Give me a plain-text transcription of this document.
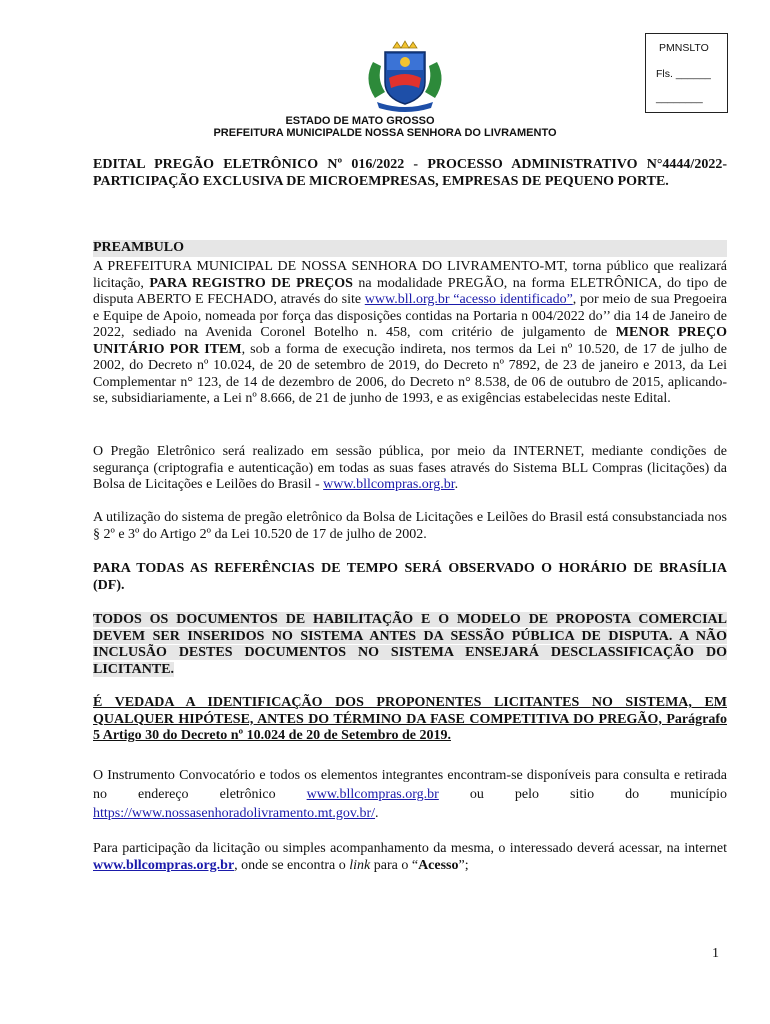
PMNSLTO
Fls. ______
________
ESTADO DE MATO GROSSO
PREFEITURA MUNICIPALDE NOSSA SENHORA DO LIVRAMENTO
EDITAL PREGÃO ELETRÔNICO Nº 016/2022 - PROCESSO ADMINISTRATIVO N°4444/2022- PARTICIPAÇÃO EXCLUSIVA DE MICROEMPRESAS, EMPRESAS DE PEQUENO PORTE.
PREAMBULO
A PREFEITURA MUNICIPAL DE NOSSA SENHORA DO LIVRAMENTO-MT, torna público que realizará licitação, PARA REGISTRO DE PREÇOS na modalidade PREGÃO, na forma ELETRÔNICA, do tipo de disputa ABERTO E FECHADO, através do site www.bll.org.br “acesso identificado”, por meio de sua Pregoeira e Equipe de Apoio, nomeada por força das disposições contidas na Portaria n 004/2022 do’’ dia 14 de Janeiro de 2022, sediado na Avenida Coronel Botelho n. 458, com critério de julgamento de MENOR PREÇO UNITÁRIO POR ITEM, sob a forma de execução indireta, nos termos da Lei nº 10.520, de 17 de julho de 2002, do Decreto nº 10.024, de 20 de setembro de 2019, do Decreto nº 7892, de 23 de janeiro e 2013, da Lei Complementar n° 123, de 14 de dezembro de 2006, do Decreto n° 8.538, de 06 de outubro de 2015, aplicando-se, subsidiariamente, a Lei nº 8.666, de 21 de junho de 1993, e as exigências estabelecidas neste Edital.
O Pregão Eletrônico será realizado em sessão pública, por meio da INTERNET, mediante condições de segurança (criptografia e autenticação) em todas as suas fases através do Sistema BLL Compras (licitações) da Bolsa de Licitações e Leilões do Brasil - www.bllcompras.org.br.
A utilização do sistema de pregão eletrônico da Bolsa de Licitações e Leilões do Brasil está consubstanciada nos § 2º e 3º do Artigo 2º da Lei 10.520 de 17 de julho de 2002.
PARA TODAS AS REFERÊNCIAS DE TEMPO SERÁ OBSERVADO O HORÁRIO DE BRASÍLIA (DF).
TODOS OS DOCUMENTOS DE HABILITAÇÃO E O MODELO DE PROPOSTA COMERCIAL DEVEM SER INSERIDOS NO SISTEMA ANTES DA SESSÃO PÚBLICA DE DISPUTA. A NÃO INCLUSÃO DESTES DOCUMENTOS NO SISTEMA ENSEJARÁ DESCLASSIFICAÇÃO DO LICITANTE.
É VEDADA A IDENTIFICAÇÃO DOS PROPONENTES LICITANTES NO SISTEMA, EM QUALQUER HIPÓTESE, ANTES DO TÉRMINO DA FASE COMPETITIVA DO PREGÃO, Parágrafo 5 Artigo 30 do Decreto nº 10.024 de 20 de Setembro de 2019.
O Instrumento Convocatório e todos os elementos integrantes encontram-se disponíveis para consulta e retirada no endereço eletrônico www.bllcompras.org.br ou pelo sitio do município https://www.nossasenhoradolivramento.mt.gov.br/.
Para participação da licitação ou simples acompanhamento da mesma, o interessado deverá acessar, na internet www.bllcompras.org.br, onde se encontra o link para o “Acesso”;
1
